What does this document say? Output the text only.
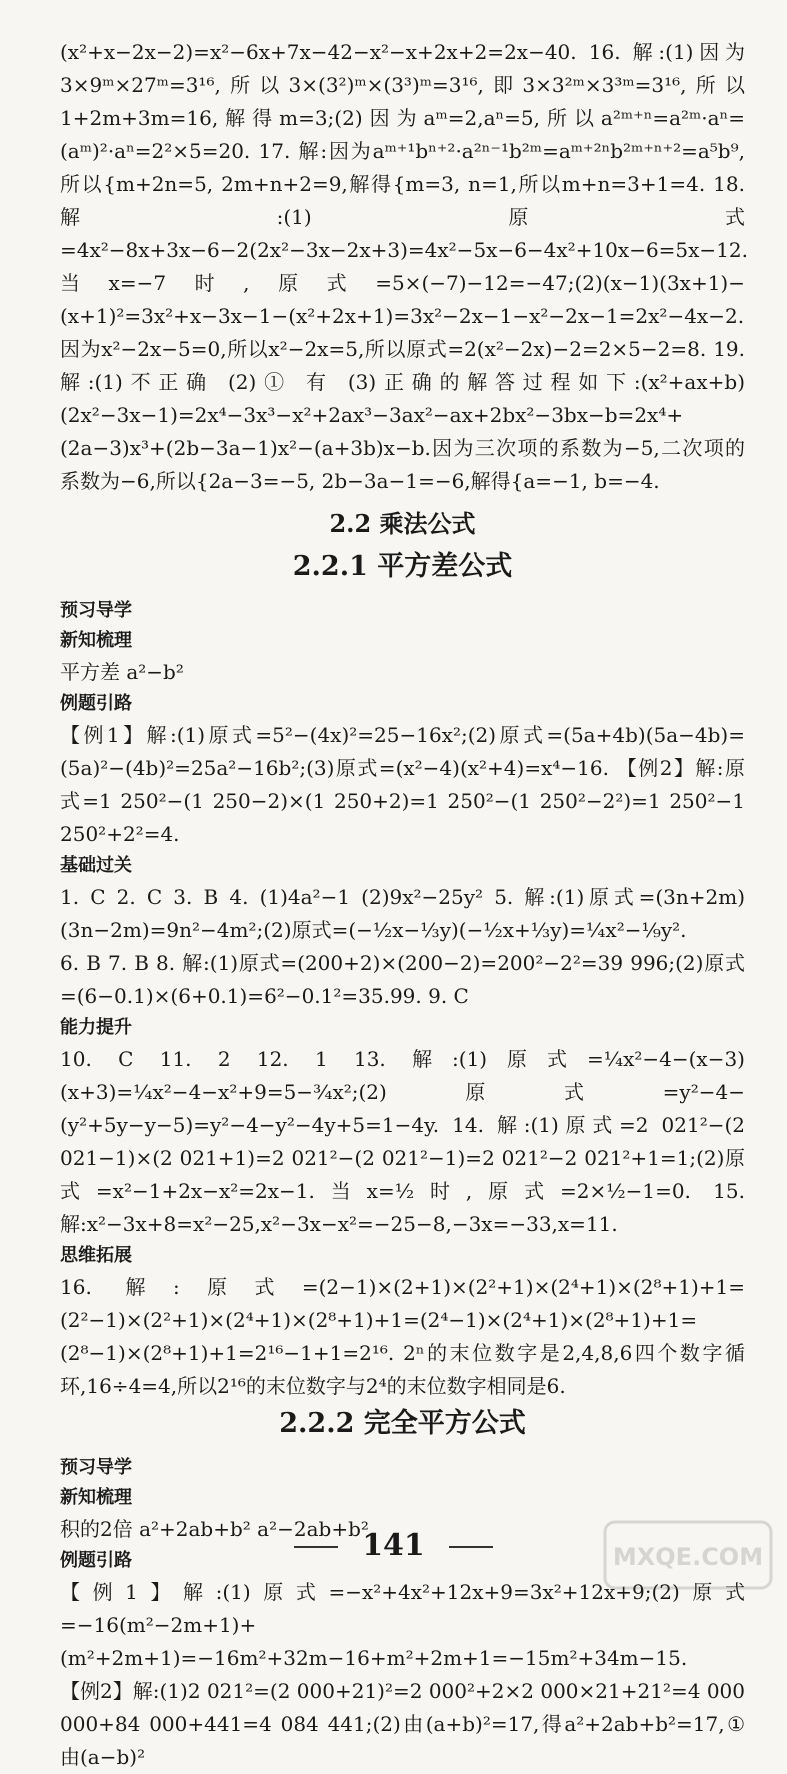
(x²+x−2x−2)=x²−6x+7x−42−x²−x+2x+2=2x−40. 16. 解:(1)因为3×9ᵐ×27ᵐ=3¹⁶,所以3×(3²)ᵐ×(3³)ᵐ=3¹⁶,即3×3²ᵐ×3³ᵐ=3¹⁶,所以1+2m+3m=16,解得m=3;(2)因为aᵐ=2,aⁿ=5,所以a²ᵐ⁺ⁿ=a²ᵐ·aⁿ=(aᵐ)²·aⁿ=2²×5=20. 17. 解:因为aᵐ⁺¹bⁿ⁺²·a²ⁿ⁻¹b²ᵐ=aᵐ⁺²ⁿb²ᵐ⁺ⁿ⁺²=a⁵b⁹,所以{m+2n=5, 2m+n+2=9,解得{m=3, n=1,所以m+n=3+1=4. 18. 解:(1)原式=4x²−8x+3x−6−2(2x²−3x−2x+3)=4x²−5x−6−4x²+10x−6=5x−12.当x=−7时,原式=5×(−7)−12=−47;(2)(x−1)(3x+1)−(x+1)²=3x²+x−3x−1−(x²+2x+1)=3x²−2x−1−x²−2x−1=2x²−4x−2.因为x²−2x−5=0,所以x²−2x=5,所以原式=2(x²−2x)−2=2×5−2=8. 19. 解:(1)不正确 (2)① 有 (3)正确的解答过程如下:(x²+ax+b)(2x²−3x−1)=2x⁴−3x³−x²+2ax³−3ax²−ax+2bx²−3bx−b=2x⁴+(2a−3)x³+(2b−3a−1)x²−(a+3b)x−b.因为三次项的系数为−5,二次项的系数为−6,所以{2a−3=−5, 2b−3a−1=−6,解得{a=−1, b=−4.

2.2 乘法公式
2.2.1 平方差公式
预习导学
新知梳理

平方差 a²−b²

例题引路

【例1】解:(1)原式=5²−(4x)²=25−16x²;(2)原式=(5a+4b)(5a−4b)=(5a)²−(4b)²=25a²−16b²;(3)原式=(x²−4)(x²+4)=x⁴−16. 【例2】解:原式=1 250²−(1 250−2)×(1 250+2)=1 250²−(1 250²−2²)=1 250²−1 250²+2²=4.

基础过关

1. C 2. C 3. B 4. (1)4a²−1 (2)9x²−25y² 5. 解:(1)原式=(3n+2m)(3n−2m)=9n²−4m²;(2)原式=(−½x−⅓y)(−½x+⅓y)=¼x²−⅑y².

6. B 7. B 8. 解:(1)原式=(200+2)×(200−2)=200²−2²=39 996;(2)原式=(6−0.1)×(6+0.1)=6²−0.1²=35.99. 9. C

能力提升

10. C 11. 2 12. 1 13. 解:(1)原式=¼x²−4−(x−3)(x+3)=¼x²−4−x²+9=5−¾x²;(2)原式=y²−4−(y²+5y−y−5)=y²−4−y²−4y+5=1−4y. 14. 解:(1)原式=2 021²−(2 021−1)×(2 021+1)=2 021²−(2 021²−1)=2 021²−2 021²+1=1;(2)原式=x²−1+2x−x²=2x−1.当x=½时,原式=2×½−1=0. 15. 解:x²−3x+8=x²−25,x²−3x−x²=−25−8,−3x=−33,x=11.

思维拓展

16. 解:原式=(2−1)×(2+1)×(2²+1)×(2⁴+1)×(2⁸+1)+1=(2²−1)×(2²+1)×(2⁴+1)×(2⁸+1)+1=(2⁴−1)×(2⁴+1)×(2⁸+1)+1=(2⁸−1)×(2⁸+1)+1=2¹⁶−1+1=2¹⁶. 2ⁿ的末位数字是2,4,8,6四个数字循环,16÷4=4,所以2¹⁶的末位数字与2⁴的末位数字相同是6.

2.2.2 完全平方公式
预习导学
新知梳理

积的2倍 a²+2ab+b² a²−2ab+b²

例题引路

【例1】解:(1)原式=−x²+4x²+12x+9=3x²+12x+9;(2)原式=−16(m²−2m+1)+(m²+2m+1)=−16m²+32m−16+m²+2m+1=−15m²+34m−15.

【例2】解:(1)2 021²=(2 000+21)²=2 000²+2×2 000×21+21²=4 000 000+84 000+441=4 084 441;(2)由(a+b)²=17,得a²+2ab+b²=17,① 由(a−b)²

141	MXQE.COM
